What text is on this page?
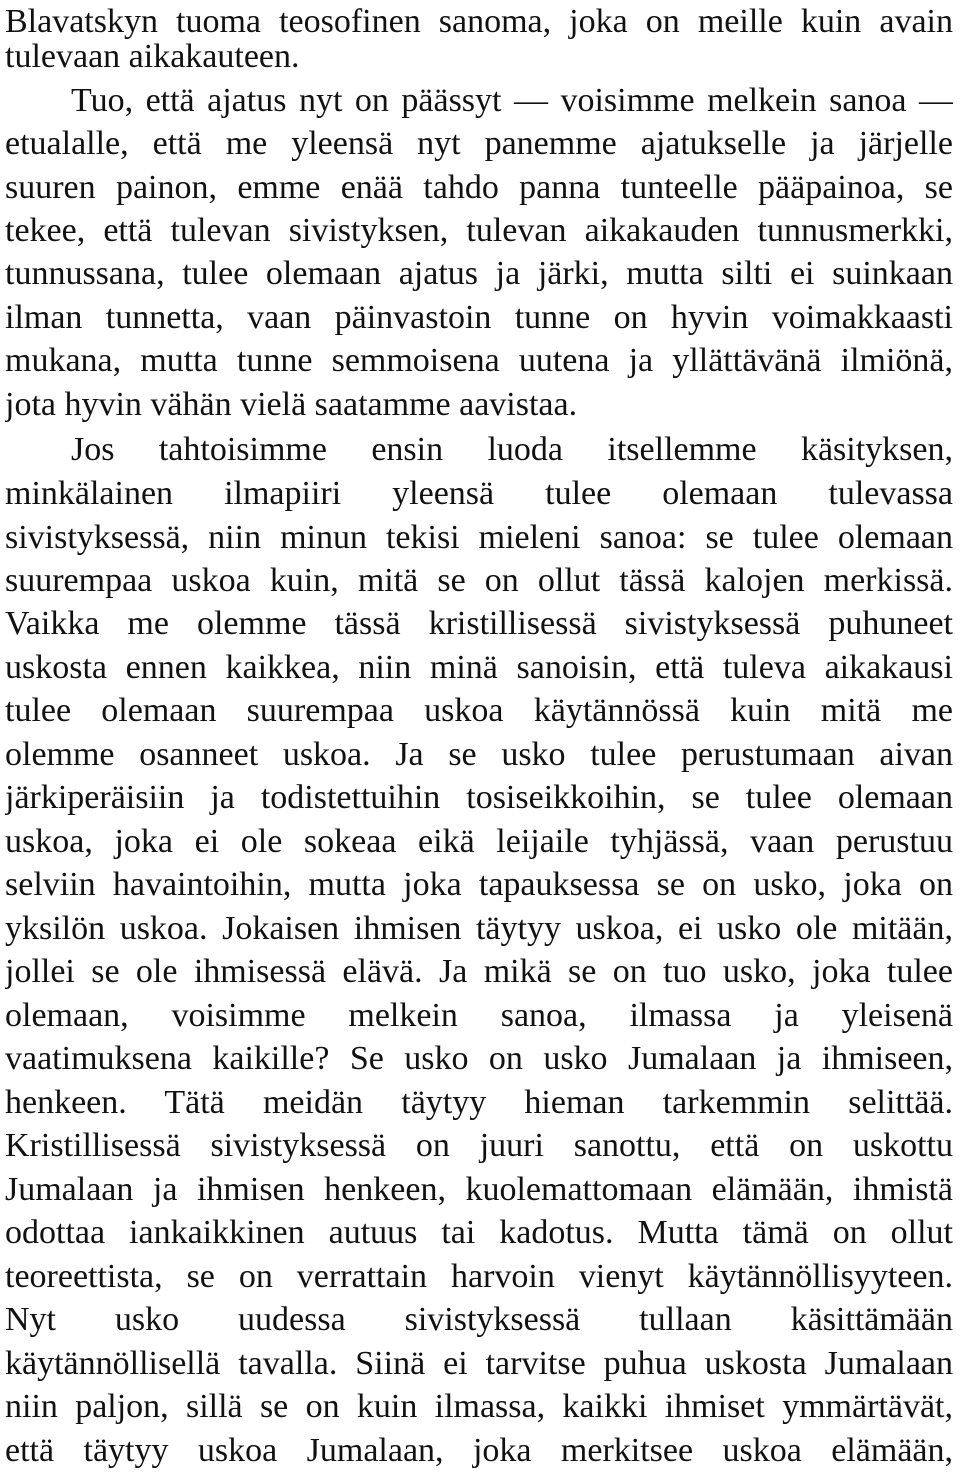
Blavatskyn tuoma teosofinen sanoma, joka on meille kuin avain
tulevaan aikakauteen.
Tuo, että ajatus nyt on päässyt — voisimme melkein sanoa —
etualalle, että me yleensä nyt panemme ajatukselle ja järjelle
suuren painon, emme enää tahdo panna tunteelle pääpainoa, se
tekee, että tulevan sivistyksen, tulevan aikakauden tunnusmerkki,
tunnussana, tulee olemaan ajatus ja järki, mutta silti ei suinkaan
ilman tunnetta, vaan päinvastoin tunne on hyvin voimakkaasti
mukana, mutta tunne semmoisena uutena ja yllättävänä ilmiönä,
jota hyvin vähän vielä saatamme aavistaa.
Jos tahtoisimme ensin luoda itsellemme käsityksen,
minkälainen ilmapiiri yleensä tulee olemaan tulevassa
sivistyksessä, niin minun tekisi mieleni sanoa: se tulee olemaan
suurempaa uskoa kuin, mitä se on ollut tässä kalojen merkissä.
Vaikka me olemme tässä kristillisessä sivistyksessä puhuneet
uskosta ennen kaikkea, niin minä sanoisin, että tuleva aikakausi
tulee olemaan suurempaa uskoa käytännössä kuin mitä me
olemme osanneet uskoa. Ja se usko tulee perustumaan aivan
järkiperäisiin ja todistettuihin tosiseikkoihin, se tulee olemaan
uskoa, joka ei ole sokeaa eikä leijaile tyhjässä, vaan perustuu
selviin havaintoihin, mutta joka tapauksessa se on usko, joka on
yksilön uskoa. Jokaisen ihmisen täytyy uskoa, ei usko ole mitään,
jollei se ole ihmisessä elävä. Ja mikä se on tuo usko, joka tulee
olemaan, voisimme melkein sanoa, ilmassa ja yleisenä
vaatimuksena kaikille? Se usko on usko Jumalaan ja ihmiseen,
henkeen. Tätä meidän täytyy hieman tarkemmin selittää.
Kristillisessä sivistyksessä on juuri sanottu, että on uskottu
Jumalaan ja ihmisen henkeen, kuolemattomaan elämään, ihmistä
odottaa iankaikkinen autuus tai kadotus. Mutta tämä on ollut
teoreettista, se on verrattain harvoin vienyt käytännöllisyyteen.
Nyt usko uudessa sivistyksessä tullaan käsittämään
käytännöllisellä tavalla. Siinä ei tarvitse puhua uskosta Jumalaan
niin paljon, sillä se on kuin ilmassa, kaikki ihmiset ymmärtävät,
että täytyy uskoa Jumalaan, joka merkitsee uskoa elämään,
